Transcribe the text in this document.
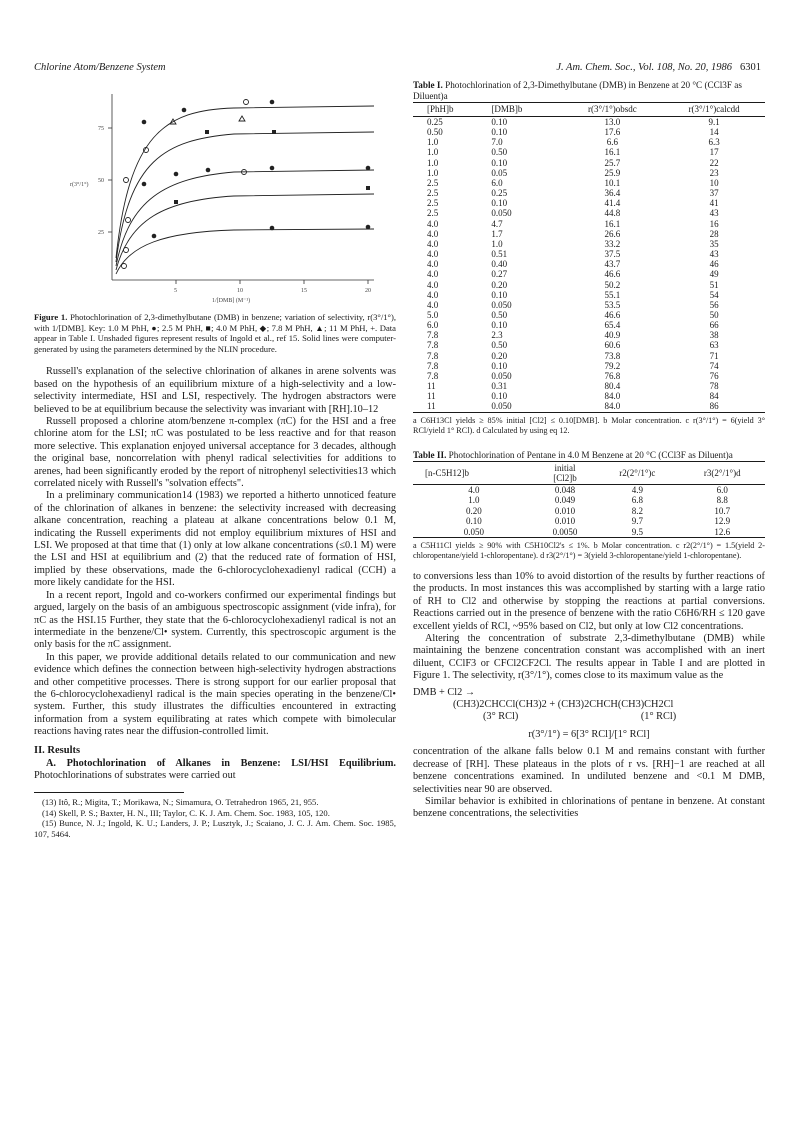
Chlorine Atom/Benzene System	J. Am. Chem. Soc., Vol. 108, No. 20, 1986 6301
r(3°/1°)
75
50
25
5	10	15	20
1/[DMB] (M⁻¹)
Figure 1. Photochlorination of 2,3-dimethylbutane (DMB) in benzene; variation of selectivity, r(3°/1°), with 1/[DMB]. Key: 1.0 M PhH, ●; 2.5 M PhH, ■; 4.0 M PhH, ◆; 7.8 M PhH, ▲; 11 M PhH, +. Data appear in Table I. Unshaded figures represent results of Ingold et al., ref 15. Solid lines were computer-generated by using the parameters determined by the NLIN procedure.

Russell's explanation of the selective chlorination of alkanes in arene solvents was based on the hypothesis of an equilibrium mixture of a high-selectivity and a low-selectivity intermediate, HSI and LSI, respectively. The hydrogen abstractors were believed to be at equilibrium because the selectivity was invariant with [RH].10–12

Russell proposed a chlorine atom/benzene π-complex (πC) for the HSI and a free chlorine atom for the LSI; πC was postulated to be less reactive and for that reason more selective. This explanation enjoyed universal acceptance for 3 decades, although the original base, noncorrelation with phenyl radical selectivities for additions to arenes, had been significantly eroded by the report of nitrophenyl selectivities13 which correlated nicely with Russell's "solvation effects".

In a preliminary communication14 (1983) we reported a hitherto unnoticed feature of the chlorination of alkanes in benzene: the selectivity increased with decreasing alkane concentration, reaching a plateau at alkane concentrations below 0.1 M, indicating the Russell experiments did not employ equilibrium mixtures of HSI and LSI. We proposed at that time that (1) only at low alkane concentrations (≤0.1 M) were the LSI and HSI at equilibrium and (2) that the reduced rate of formation of HSI, implied by these observations, made the 6-chlorocyclohexadienyl radical (CCH) a more likely candidate for the HSI.

In a recent report, Ingold and co-workers confirmed our experimental findings but argued, largely on the basis of an ambiguous spectroscopic assignment (vide infra), for πC as the HSI.15 Further, they state that the 6-chlorocyclohexadienyl radical is not an intermediate in the benzene/Cl• system. Currently, this spectroscopic argument is the only basis for the πC assignment.

In this paper, we provide additional details related to our communication and new evidence which defines the connection between high-selectivity hydrogen abstractions and other competitive processes. There is strong support for our earlier proposal that the 6-chlorocyclohexadienyl radical is the main species operating in the benzene/Cl• system. Further, this study illustrates the difficulties encountered in extracting information from a system equilibrating at rates which compete with bimolecular reactions having rates near the diffusion-controlled limit.

II. Results
A. Photochlorination of Alkanes in Benzene: LSI/HSI Equilibrium. Photochlorinations of substrates were carried out

(13) Itô, R.; Migita, T.; Morikawa, N.; Simamura, O. Tetrahedron 1965, 21, 955.

(14) Skell, P. S.; Baxter, H. N., III; Taylor, C. K. J. Am. Chem. Soc. 1983, 105, 120.

(15) Bunce, N. J.; Ingold, K. U.; Landers, J. P.; Lusztyk, J.; Scaiano, J. C. J. Am. Chem. Soc. 1985, 107, 5464.

Table I. Photochlorination of 2,3-Dimethylbutane (DMB) in Benzene at 20 °C (CCl3F as Diluent)a
[PhH]b	[DMB]b	r(3°/1°)obsdc	r(3°/1°)calcdd
0.25	0.10	13.0	9.1
0.50	0.10	17.6	14
1.0	7.0	6.6	6.3
1.0	0.50	16.1	17
1.0	0.10	25.7	22
1.0	0.05	25.9	23
2.5	6.0	10.1	10
2.5	0.25	36.4	37
2.5	0.10	41.4	41
2.5	0.050	44.8	43
4.0	4.7	16.1	16
4.0	1.7	26.6	28
4.0	1.0	33.2	35
4.0	0.51	37.5	43
4.0	0.40	43.7	46
4.0	0.27	46.6	49
4.0	0.20	50.2	51
4.0	0.10	55.1	54
4.0	0.050	53.5	56
5.0	0.50	46.6	50
6.0	0.10	65.4	66
7.8	2.3	40.9	38
7.8	0.50	60.6	63
7.8	0.20	73.8	71
7.8	0.10	79.2	74
7.8	0.050	76.8	76
11	0.31	80.4	78
11	0.10	84.0	84
11	0.050	84.0	86
a C6H13Cl yields ≥ 85% initial [Cl2] ≤ 0.10[DMB]. b Molar concentration. c r(3°/1°) = 6(yield 3° RCl/yield 1° RCl). d Calculated by using eq 12.
Table II. Photochlorination of Pentane in 4.0 M Benzene at 20 °C (CCl3F as Diluent)a
[n-C5H12]b	initial
[Cl2]b	r2(2°/1°)c	r3(2°/1°)d
4.0	0.048	4.9	6.0
1.0	0.049	6.8	8.8
0.20	0.010	8.2	10.7
0.10	0.010	9.7	12.9
0.050	0.0050	9.5	12.6
a C5H11Cl yields ≥ 90% with C5H10Cl2's ≤ 1%. b Molar concentration. c r2(2°/1°) = 1.5(yield 2-chloropentane/yield 1-chloropentane). d r3(2°/1°) = 3(yield 3-chloropentane/yield 1-chloropentane).

to conversions less than 10% to avoid distortion of the results by further reactions of the products. In most instances this was accomplished by starting with a large ratio of RH to Cl2 and otherwise by stopping the reactions at partial conversions. Reactions carried out in the presence of benzene with the ratio C6H6/RH ≤ 120 gave excellent yields of RCl, ~95% based on Cl2, but only at low Cl2 concentrations.

Altering the concentration of substrate 2,3-dimethylbutane (DMB) while maintaining the benzene concentration constant was accomplished with an inert diluent, CClF3 or CFCl2CF2Cl. The results appear in Table I and are plotted in Figure 1. The selectivity, r(3°/1°), comes close to its maximum value as the

DMB + Cl2 →
(CH3)2CHCCl(CH3)2 + (CH3)2CHCH(CH3)CH2Cl
(3° RCl)	(1° RCl)
r(3°/1°) = 6[3° RCl]/[1° RCl]

concentration of the alkane falls below 0.1 M and remains constant with further decrease of [RH]. These plateaus in the plots of r vs. [RH]−1 are reached at all benzene concentrations examined. In undiluted benzene and <0.1 M DMB, selectivities near 90 are observed.

Similar behavior is exhibited in chlorinations of pentane in benzene. At constant benzene concentrations, the selectivities
